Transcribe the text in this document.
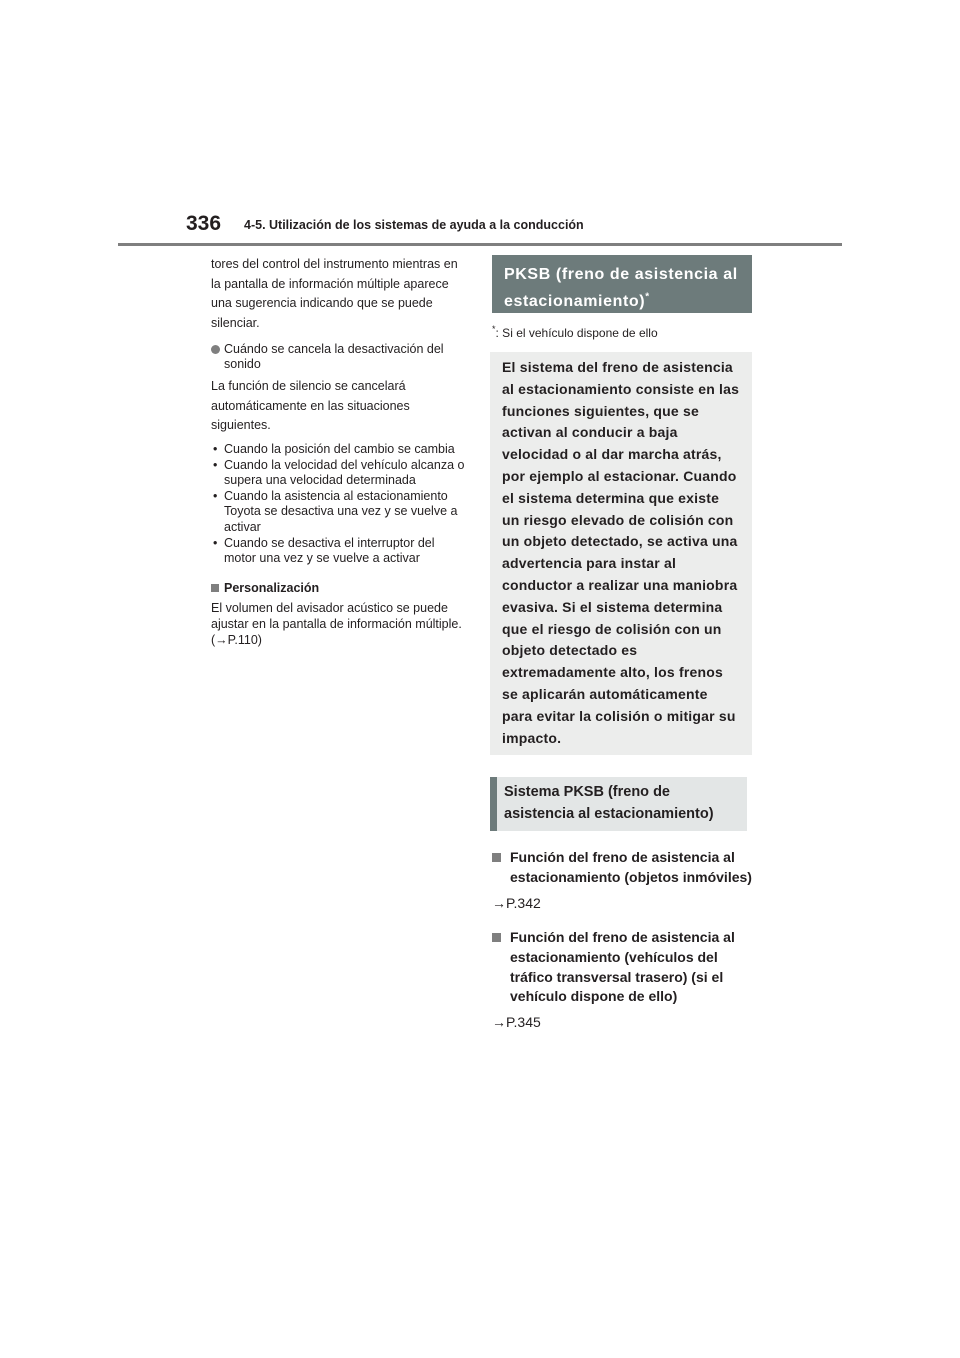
336 4-5. Utilización de los sistemas de ayuda a la conducción

tores del control del instrumento mientras en la pantalla de información múltiple aparece una sugerencia indicando que se puede silenciar.

Cuándo se cancela la desactivación del sonido

La función de silencio se cancelará automáticamente en las situaciones siguientes.

• Cuando la posición del cambio se cambia
• Cuando la velocidad del vehículo alcanza o supera una velocidad determinada
• Cuando la asistencia al estacionamiento Toyota se desactiva una vez y se vuelve a activar
• Cuando se desactiva el interruptor del motor una vez y se vuelve a activar

Personalización

El volumen del avisador acústico se puede ajustar en la pantalla de información múltiple. (→P.110)

PKSB (freno de asistencia al estacionamiento)*
*: Si el vehículo dispone de ello
El sistema del freno de asistencia al estacionamiento consiste en las funciones siguientes, que se activan al conducir a baja velocidad o al dar marcha atrás, por ejemplo al estacionar. Cuando el sistema determina que existe un riesgo elevado de colisión con un objeto detectado, se activa una advertencia para instar al conductor a realizar una maniobra evasiva. Si el sistema determina que el riesgo de colisión con un objeto detectado es extremadamente alto, los frenos se aplicarán automáticamente para evitar la colisión o mitigar su impacto.
Sistema PKSB (freno de asistencia al estacionamiento)
Función del freno de asistencia al estacionamiento (objetos inmóviles)
→P.342
Función del freno de asistencia al estacionamiento (vehículos del tráfico transversal trasero) (si el vehículo dispone de ello)
→P.345
